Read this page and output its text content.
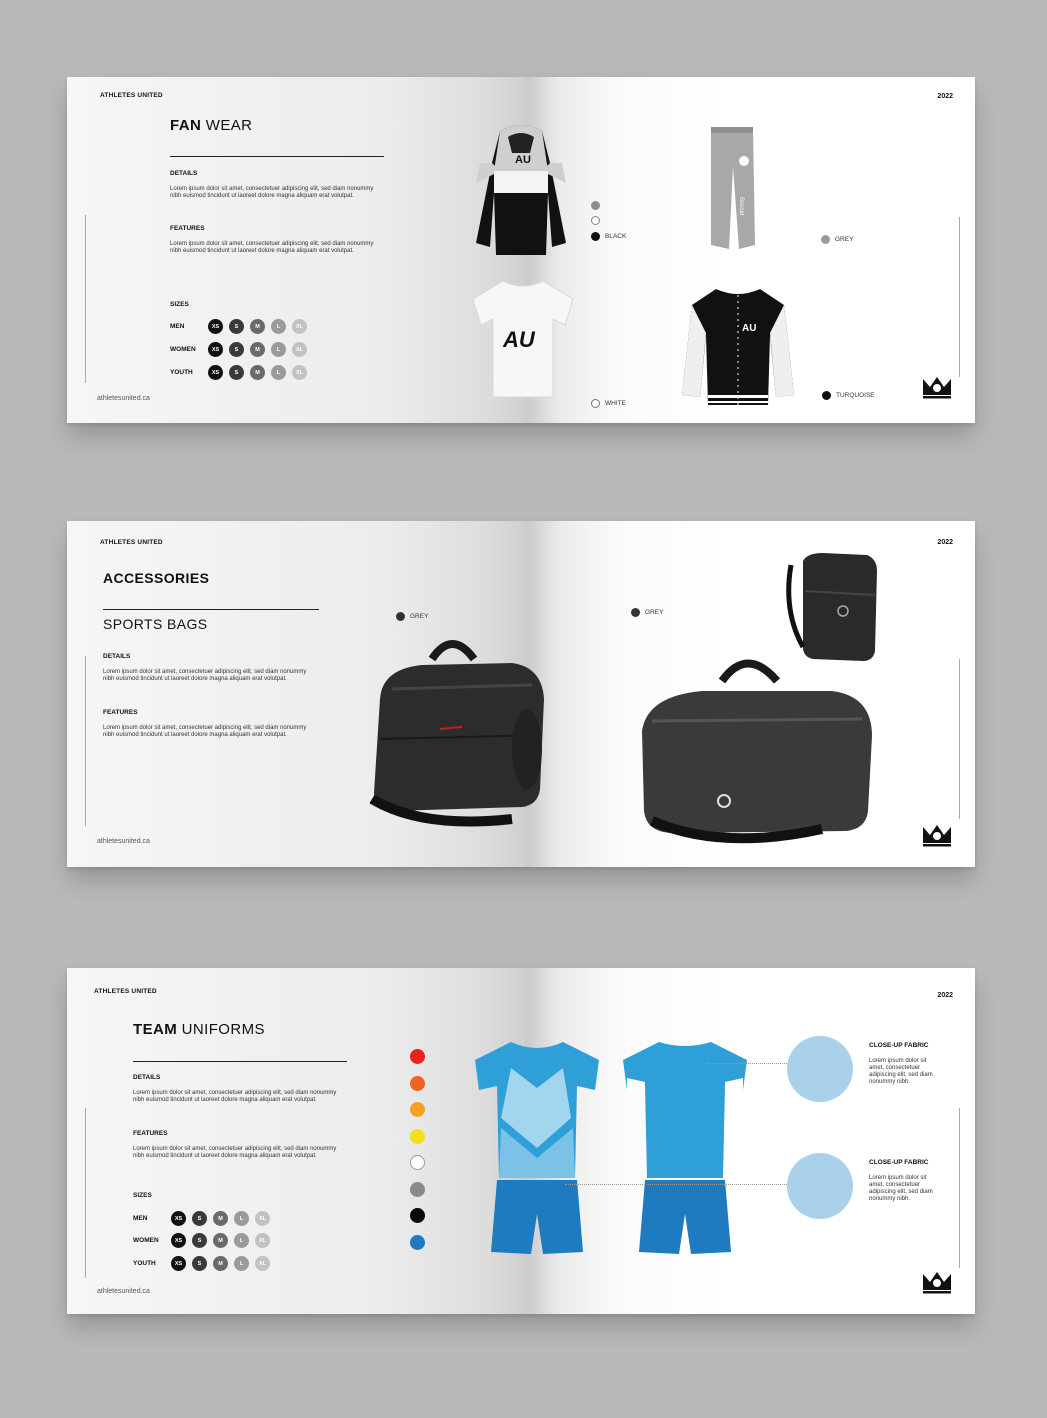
ATHLETES UNITED	2022
FAN WEAR
DETAILS
Lorem ipsum dolor sit amet, consectetuer adipiscing elit, sed diam nonummy nibh euismod tincidunt ut laoreet dolore magna aliquam erat volutpat.
FEATURES
Lorem ipsum dolor sit amet, consectetuer adipiscing elit, sed diam nonummy nibh euismod tincidunt ut laoreet dolore magna aliquam erat volutpat.
SIZES
MEN	XS	S	M	L	XL
WOMEN	XS	S	M	L	XL
YOUTH	XS	S	M	L	XL
athletesunited.ca
AU
Soccer
AU	AU
BLACK	GREY
WHITE
TURQUOISE
ATHLETES UNITED	2022
ACCESSORIES
SPORTS BAGS
DETAILS
Lorem ipsum dolor sit amet, consectetuer adipiscing elit, sed diam nonummy nibh euismod tincidunt ut laoreet dolore magna aliquam erat volutpat.
FEATURES
Lorem ipsum dolor sit amet, consectetuer adipiscing elit, sed diam nonummy nibh euismod tincidunt ut laoreet dolore magna aliquam erat volutpat.
athletesunited.ca
GREY
GREY
ATHLETES UNITED
2022
TEAM UNIFORMS
DETAILS
Lorem ipsum dolor sit amet, consectetuer adipiscing elit, sed diam nonummy nibh euismod tincidunt ut laoreet dolore magna aliquam erat volutpat.
FEATURES
Lorem ipsum dolor sit amet, consectetuer adipiscing elit, sed diam nonummy nibh euismod tincidunt ut laoreet dolore magna aliquam erat volutpat.
SIZES
MEN	XS	S	M	L	XL
WOMEN	XS	S	M	L	XL
YOUTH	XS	S	M	L	XL
athletesunited.ca
CLOSE-UP FABRIC
Lorem ipsum dolor sit amet, consectetuer adipiscing elit, sed diam nonummy nibh.
CLOSE-UP FABRIC
Lorem ipsum dolor sit amet, consectetuer adipiscing elit, sed diam nonummy nibh.
